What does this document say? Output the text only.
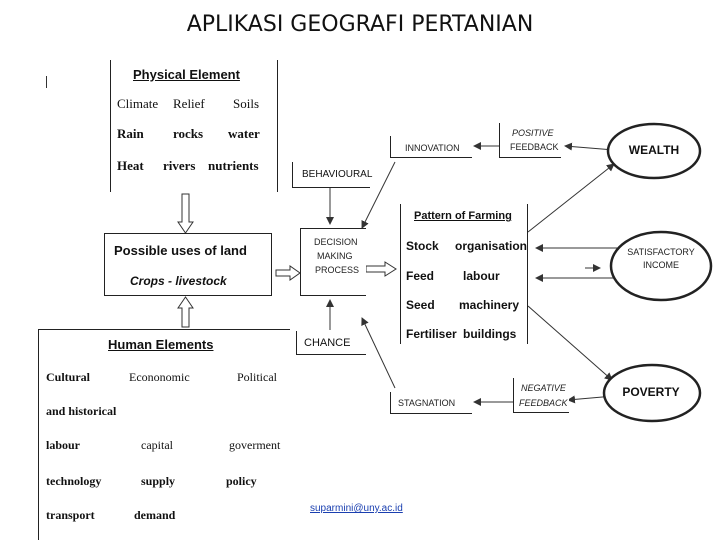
APLIKASI GEOGRAFI PERTANIAN
Physical Element
Climate Relief Soils
Rain rocks water
Heat rivers nutrients
Possible uses of land
Crops - livestock
Human Elements
Cultural	Econonomic	Political
and historical
labour	capital	goverment
technology	supply	policy
transport	demand
BEHAVIOURAL
DECISION
MAKING
PROCESS
CHANCE
Pattern of Farming
Stock organisation
Feed labour
Seed machinery
Fertiliser buildings
INNOVATION
POSITIVE
FEEDBACK
STAGNATION
NEGATIVE
FEEDBACK
WEALTH
SATISFACTORY
INCOME
POVERTY
suparmini@uny.ac.id
